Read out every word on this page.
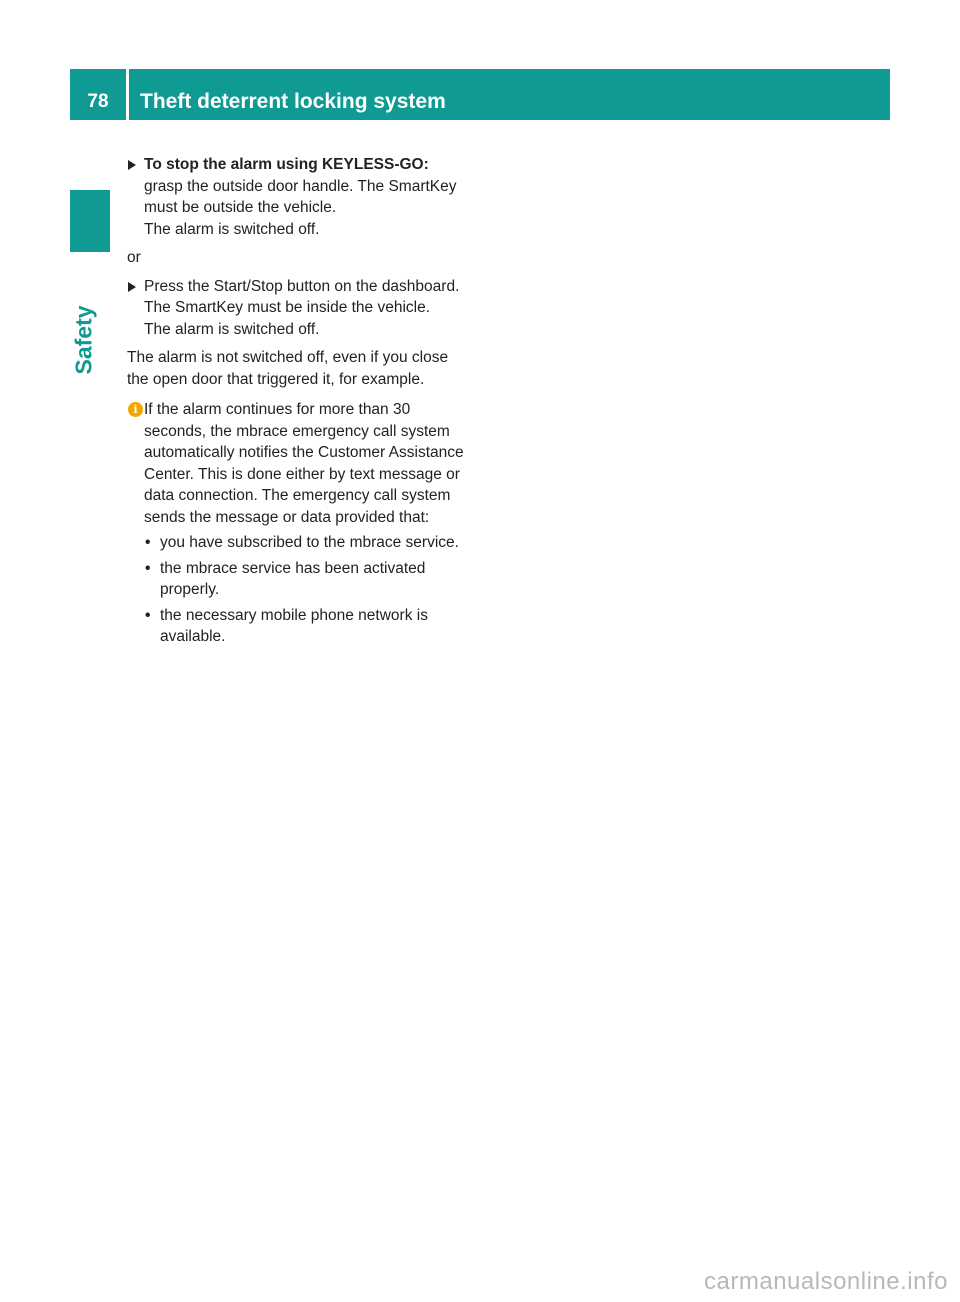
78	Theft deterrent locking system
Safety
To stop the alarm using KEYLESS-GO:
grasp the outside door handle. The SmartKey must be outside the vehicle.
The alarm is switched off.
or
Press the Start/Stop button on the dashboard. The SmartKey must be inside the vehicle.
The alarm is switched off.
The alarm is not switched off, even if you close the open door that triggered it, for example.
i If the alarm continues for more than 30 seconds, the mbrace emergency call system automatically notifies the Customer Assistance Center. This is done either by text message or data connection. The emergency call system sends the message or data provided that:
• you have subscribed to the mbrace service.
• the mbrace service has been activated properly.
• the necessary mobile phone network is available.
carmanualsonline.info
